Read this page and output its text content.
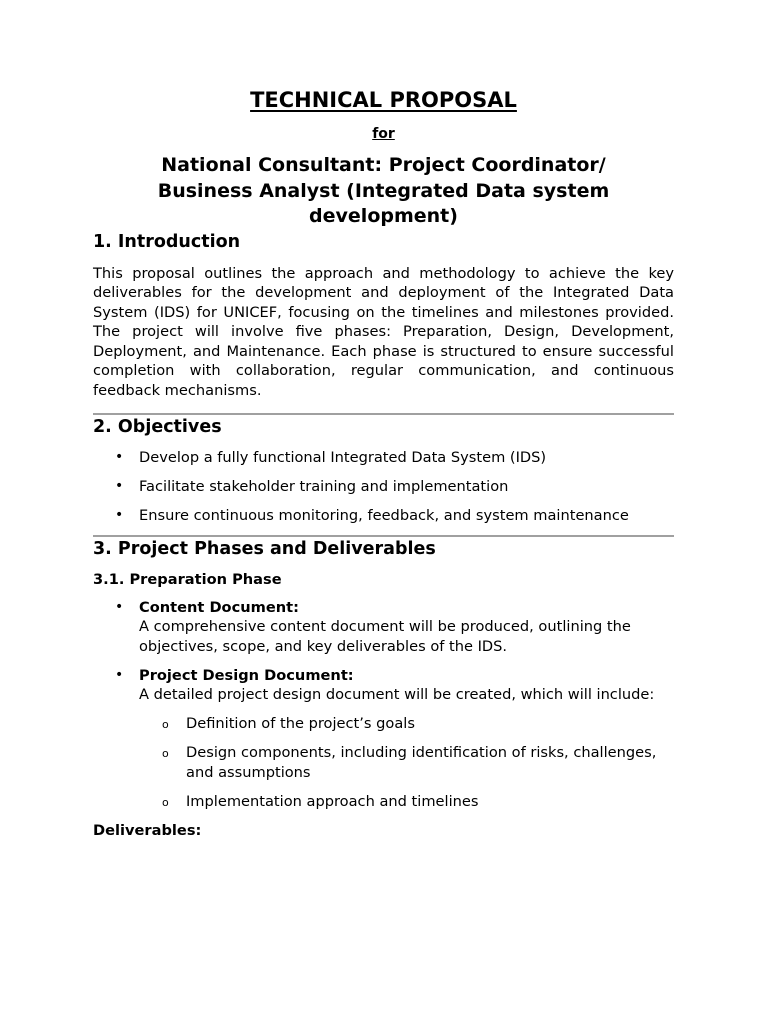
TECHNICAL PROPOSAL
for
National Consultant: Project Coordinator/ Business Analyst (Integrated Data system development)
1. Introduction

This proposal outlines the approach and methodology to achieve the key deliverables for the development and deployment of the Integrated Data System (IDS) for UNICEF, focusing on the timelines and milestones provided. The project will involve five phases: Preparation, Design, Development, Deployment, and Maintenance. Each phase is structured to ensure successful completion with collaboration, regular communication, and continuous feedback mechanisms.

2. Objectives
• Develop a fully functional Integrated Data System (IDS)
• Facilitate stakeholder training and implementation
• Ensure continuous monitoring, feedback, and system maintenance
3. Project Phases and Deliverables
3.1. Preparation Phase
• Content Document:
A comprehensive content document will be produced, outlining the objectives, scope, and key deliverables of the IDS.
• Project Design Document:
A detailed project design document will be created, which will include:
o Definition of the project’s goals
o Design components, including identification of risks, challenges, and assumptions
o Implementation approach and timelines
Deliverables:
